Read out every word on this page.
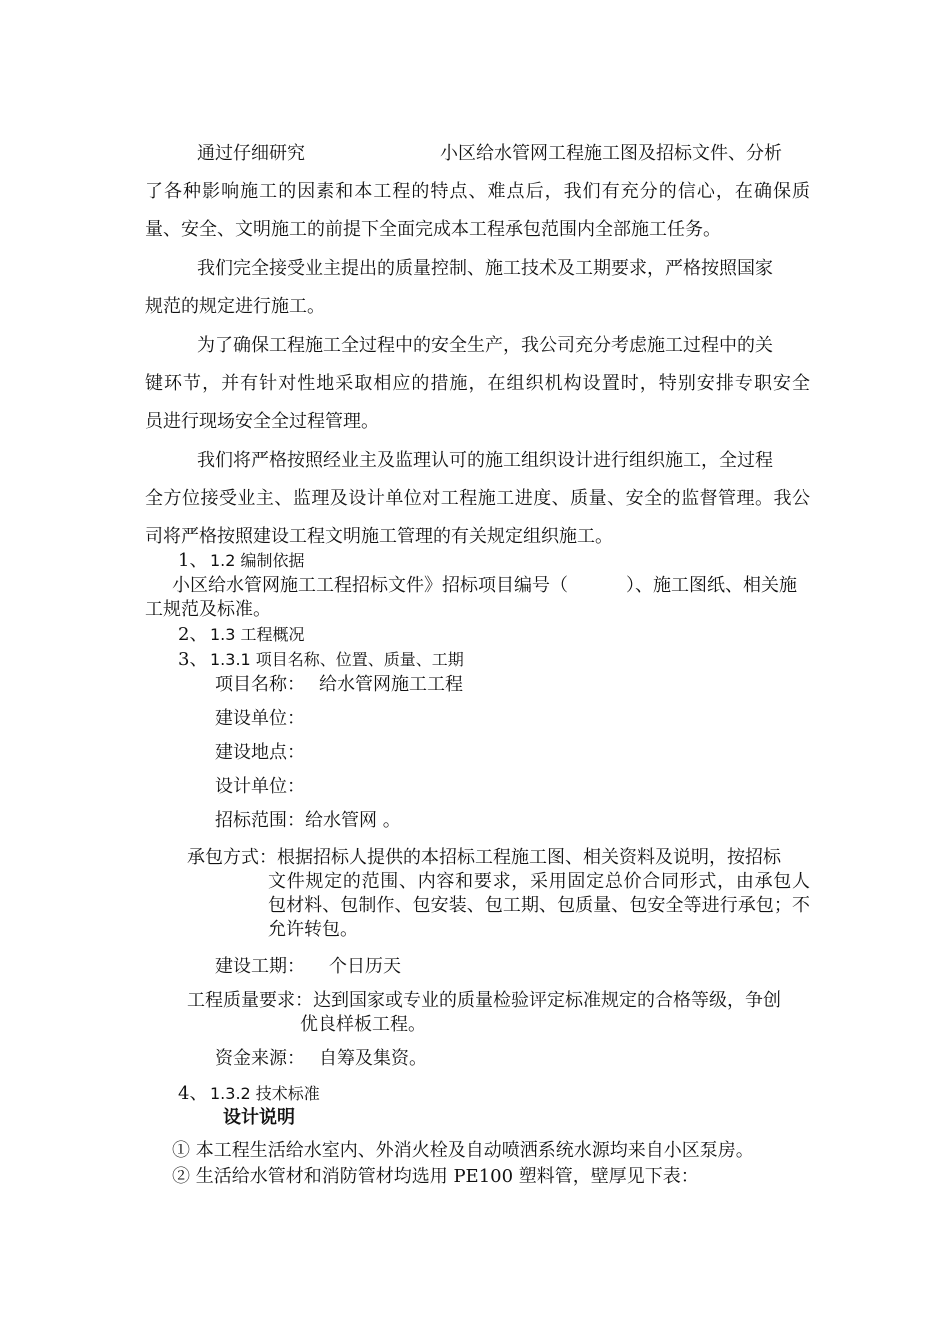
通过仔细研究	小区给水管网工程施工图及招标文件、分析
了各种影响施工的因素和本工程的特点、难点后，我们有充分的信心，在确保质
量、安全、文明施工的前提下全面完成本工程承包范围内全部施工任务。
我们完全接受业主提出的质量控制、施工技术及工期要求，严格按照国家
规范的规定进行施工。
为了确保工程施工全过程中的安全生产，我公司充分考虑施工过程中的关
键环节，并有针对性地采取相应的措施，在组织机构设置时，特别安排专职安全
员进行现场安全全过程管理。
我们将严格按照经业主及监理认可的施工组织设计进行组织施工，全过程
全方位接受业主、监理及设计单位对工程施工进度、质量、安全的监督管理。我公
司将严格按照建设工程文明施工管理的有关规定组织施工。
1、 1.2 编制依据
小区给水管网施工工程招标文件》招标项目编号（	）、施工图纸、相关施
工规范及标准。
2、 1.3 工程概况
3、 1.3.1 项目名称、位置、质量、工期
项目名称： 给水管网施工工程
建设单位：
建设地点：
设计单位：
招标范围：给水管网 。
承包方式：根据招标人提供的本招标工程施工图、相关资料及说明，按招标
文件规定的范围、内容和要求，采用固定总价合同形式，由承包人
包材料、包制作、包安装、包工期、包质量、包安全等进行承包；不
允许转包。
建设工期： 个日历天
工程质量要求：达到国家或专业的质量检验评定标准规定的合格等级，争创
优良样板工程。
资金来源： 自筹及集资。
4、 1.3.2 技术标准
设计说明
① 本工程生活给水室内、外消火栓及自动喷洒系统水源均来自小区泵房。
② 生活给水管材和消防管材均选用 PE100 塑料管，壁厚见下表：
